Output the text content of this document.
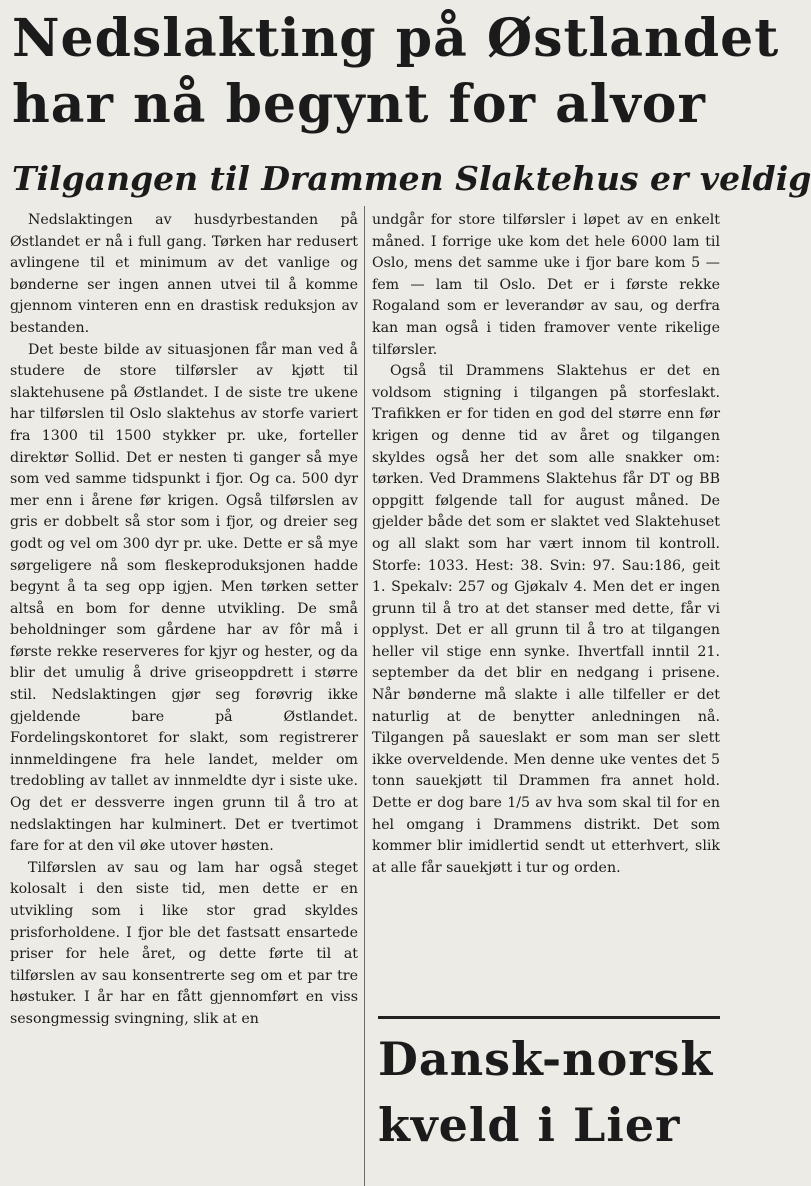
Nedslakting på Østlandet
har nå begynt for alvor
Tilgangen til Drammen Slaktehus er veldig

Nedslaktingen av husdyrbestanden på Østlandet er nå i full gang. Tørken har redusert avlingene til et minimum av det vanlige og bønderne ser ingen annen utvei til å komme gjennom vinteren enn en drastisk reduksjon av bestanden.

Det beste bilde av situasjonen får man ved å studere de store tilførsler av kjøtt til slaktehusene på Østlandet. I de siste tre ukene har tilførslen til Oslo slaktehus av storfe variert fra 1300 til 1500 stykker pr. uke, forteller direktør Sollid. Det er nesten ti ganger så mye som ved samme tidspunkt i fjor. Og ca. 500 dyr mer enn i årene før krigen. Også tilførslen av gris er dobbelt så stor som i fjor, og dreier seg godt og vel om 300 dyr pr. uke. Dette er så mye sørgeligere nå som fleskeproduksjonen hadde begynt å ta seg opp igjen. Men tørken setter altså en bom for denne utvikling. De små beholdninger som gårdene har av fôr må i første rekke reserveres for kjyr og hester, og da blir det umulig å drive griseoppdrett i større stil. Nedslaktingen gjør seg forøvrig ikke gjeldende bare på Østlandet. Fordelingskontoret for slakt, som registrerer innmeldingene fra hele landet, melder om tredobling av tallet av innmeldte dyr i siste uke. Og det er dessverre ingen grunn til å tro at nedslaktingen har kulminert. Det er tvertimot fare for at den vil øke utover høsten.

Tilførslen av sau og lam har også steget kolosalt i den siste tid, men dette er en utvikling som i like stor grad skyldes prisforholdene. I fjor ble det fastsatt ensartede priser for hele året, og dette førte til at tilførslen av sau konsentrerte seg om et par tre høstuker. I år har en fått gjennomført en viss sesongmessig svingning, slik at en

undgår for store tilførsler i løpet av en enkelt måned. I forrige uke kom det hele 6000 lam til Oslo, mens det samme uke i fjor bare kom 5 — fem — lam til Oslo. Det er i første rekke Rogaland som er leverandør av sau, og derfra kan man også i tiden framover vente rikelige tilførsler.

Også til Drammens Slaktehus er det en voldsom stigning i tilgangen på storfeslakt. Trafikken er for tiden en god del større enn før krigen og denne tid av året og tilgangen skyldes også her det som alle snakker om: tørken. Ved Drammens Slaktehus får DT og BB oppgitt følgende tall for august måned. De gjelder både det som er slaktet ved Slaktehuset og all slakt som har vært innom til kontroll. Storfe: 1033. Hest: 38. Svin: 97. Sau:186, geit 1. Spekalv: 257 og Gjøkalv 4. Men det er ingen grunn til å tro at det stanser med dette, får vi opplyst. Det er all grunn til å tro at tilgangen heller vil stige enn synke. Ihvertfall inntil 21. september da det blir en nedgang i prisene. Når bønderne må slakte i alle tilfeller er det naturlig at de benytter anledningen nå. Tilgangen på saueslakt er som man ser slett ikke overveldende. Men denne uke ventes det 5 tonn sauekjøtt til Drammen fra annet hold. Dette er dog bare 1/5 av hva som skal til for en hel omgang i Drammens distrikt. Det som kommer blir imidlertid sendt ut etterhvert, slik at alle får sauekjøtt i tur og orden.

Dansk-norsk
kveld i Lier
